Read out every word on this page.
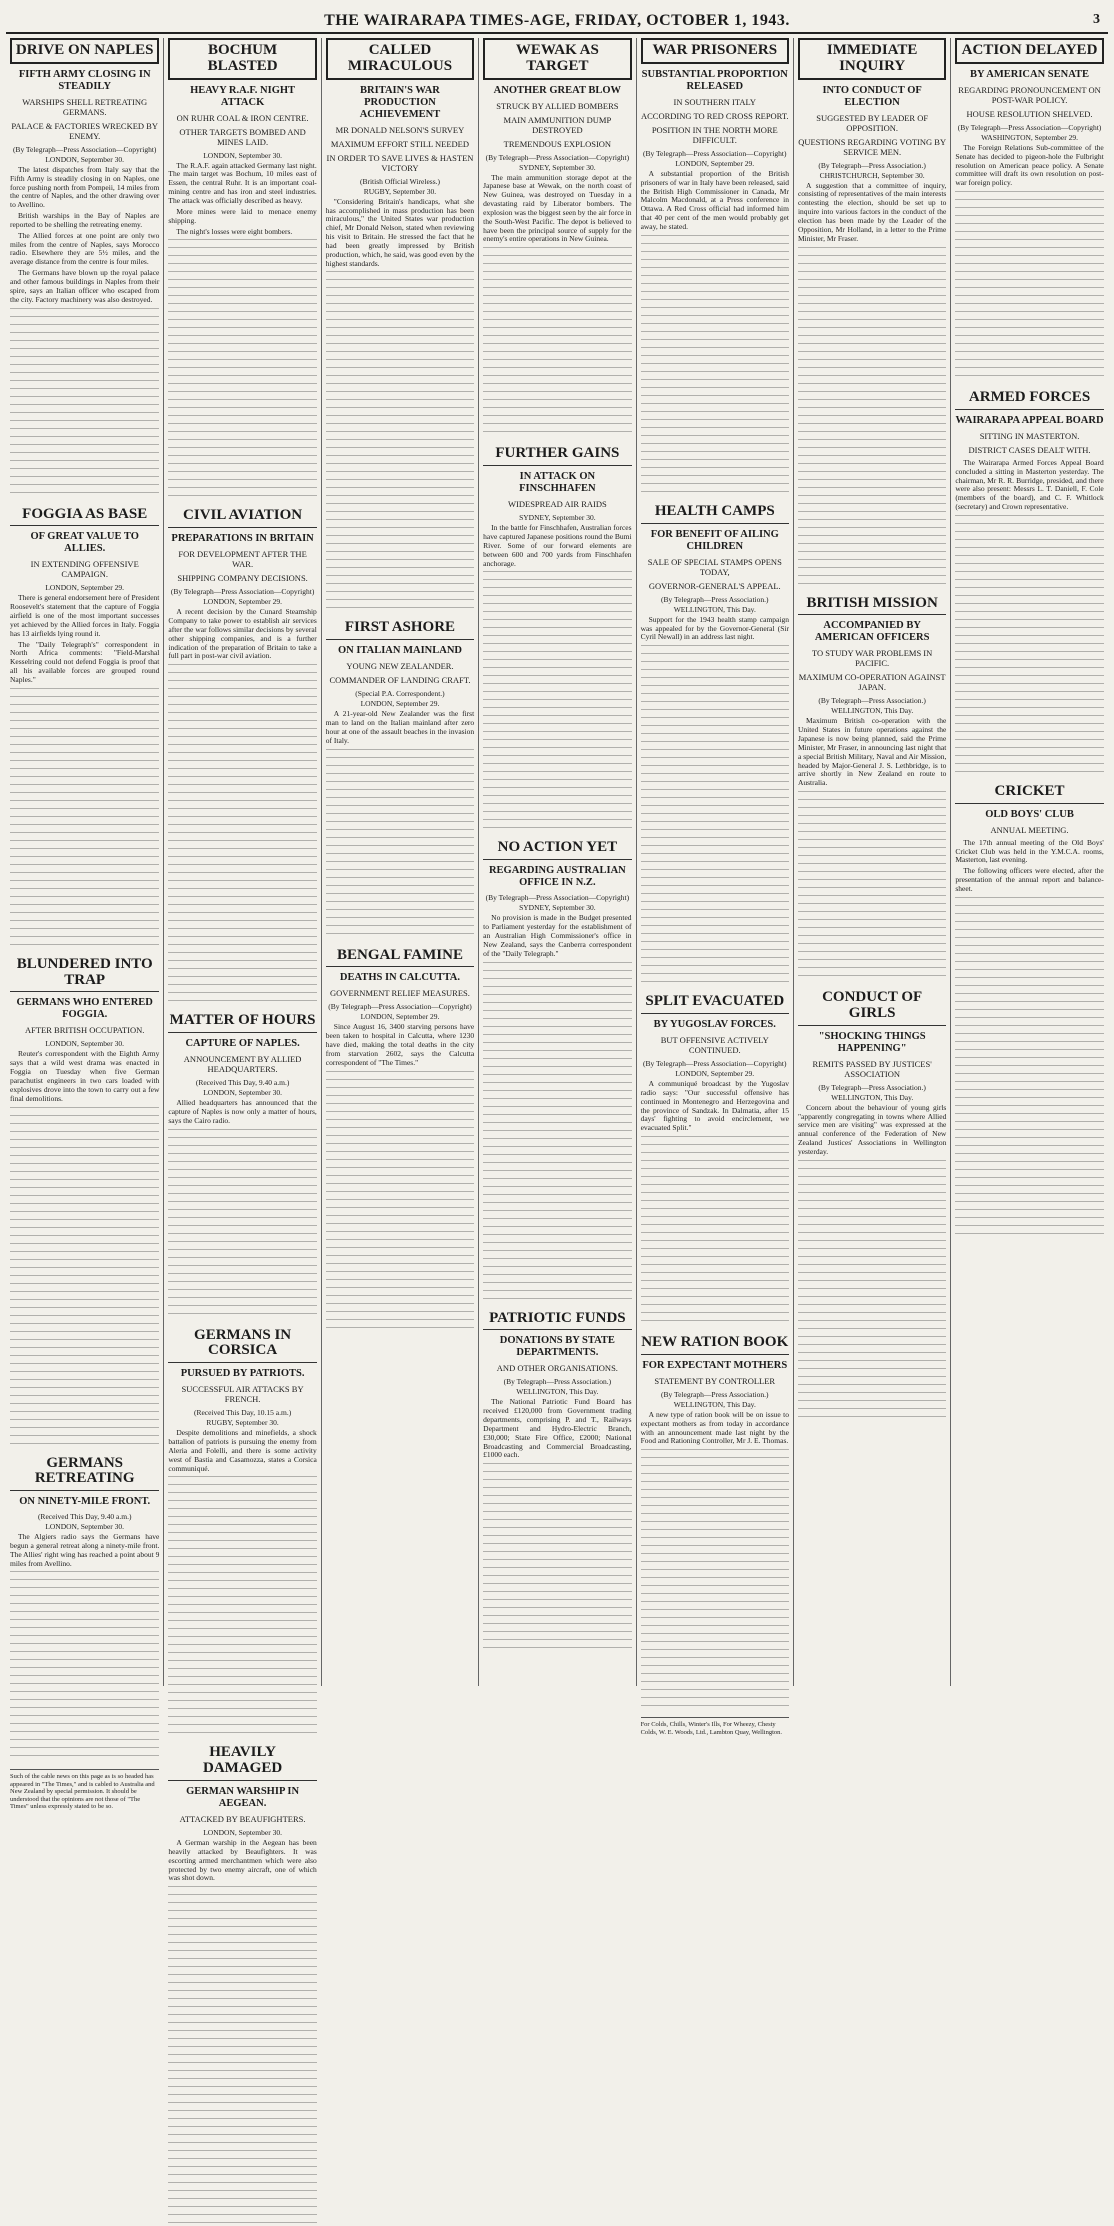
THE WAIRARAPA TIMES-AGE, FRIDAY, OCTOBER 1, 1943.	3
DRIVE ON NAPLES
FIFTH ARMY CLOSING IN STEADILY
WARSHIPS SHELL RETREATING GERMANS.
PALACE & FACTORIES WRECKED BY ENEMY.
(By Telegraph—Press Association—Copyright)
LONDON, September 30.

The latest dispatches from Italy say that the Fifth Army is steadily closing in on Naples, one force pushing north from Pompeii, 14 miles from the centre of Naples, and the other drawing over to Avellino.

British warships in the Bay of Naples are reported to be shelling the retreating enemy.

The Allied forces at one point are only two miles from the centre of Naples, says Morocco radio. Elsewhere they are 5½ miles, and the average distance from the centre is four miles.

The Germans have blown up the royal palace and other famous buildings in Naples from their spire, says an Italian officer who escaped from the city. Factory machinery was also destroyed.

FOGGIA AS BASE
OF GREAT VALUE TO ALLIES.
IN EXTENDING OFFENSIVE CAMPAIGN.
LONDON, September 29.

There is general endorsement here of President Roosevelt's statement that the capture of Foggia airfield is one of the most important successes yet achieved by the Allied forces in Italy. Foggia has 13 airfields lying round it.

The "Daily Telegraph's" correspondent in North Africa comments: "Field-Marshal Kesselring could not defend Foggia is proof that all his available forces are grouped round Naples."

BLUNDERED INTO TRAP
GERMANS WHO ENTERED FOGGIA.
AFTER BRITISH OCCUPATION.
LONDON, September 30.

Reuter's correspondent with the Eighth Army says that a wild west drama was enacted in Foggia on Tuesday when five German parachutist engineers in two cars loaded with explosives drove into the town to carry out a few final demolitions.

GERMANS RETREATING
ON NINETY-MILE FRONT.
(Received This Day, 9.40 a.m.)
LONDON, September 30.

The Algiers radio says the Germans have begun a general retreat along a ninety-mile front. The Allies' right wing has reached a point about 9 miles from Avellino.

Such of the cable news on this page as is so headed has appeared in "The Times," and is cabled to Australia and New Zealand by special permission. It should be understood that the opinions are not those of "The Times" unless expressly stated to be so.
BOCHUM BLASTED
HEAVY R.A.F. NIGHT ATTACK
ON RUHR COAL & IRON CENTRE.
OTHER TARGETS BOMBED AND MINES LAID.
LONDON, September 30.

The R.A.F. again attacked Germany last night. The main target was Bochum, 10 miles east of Essen, the central Ruhr. It is an important coal-mining centre and has iron and steel industries. The attack was officially described as heavy.

More mines were laid to menace enemy shipping.

The night's losses were eight bombers.

CIVIL AVIATION
PREPARATIONS IN BRITAIN
FOR DEVELOPMENT AFTER THE WAR.
SHIPPING COMPANY DECISIONS.
(By Telegraph—Press Association—Copyright)
LONDON, September 29.

A recent decision by the Cunard Steamship Company to take power to establish air services after the war follows similar decisions by several other shipping companies, and is a further indication of the preparation of Britain to take a full part in post-war civil aviation.

MATTER OF HOURS
CAPTURE OF NAPLES.
ANNOUNCEMENT BY ALLIED HEADQUARTERS.
(Received This Day, 9.40 a.m.)
LONDON, September 30.

Allied headquarters has announced that the capture of Naples is now only a matter of hours, says the Cairo radio.

GERMANS IN CORSICA
PURSUED BY PATRIOTS.
SUCCESSFUL AIR ATTACKS BY FRENCH.
(Received This Day, 10.15 a.m.)
RUGBY, September 30.

Despite demolitions and minefields, a shock battalion of patriots is pursuing the enemy from Aleria and Folelli, and there is some activity west of Bastia and Casamozza, states a Corsica communiqué.

HEAVILY DAMAGED
GERMAN WARSHIP IN AEGEAN.
ATTACKED BY BEAUFIGHTERS.
LONDON, September 30.

A German warship in the Aegean has been heavily attacked by Beaufighters. It was escorting armed merchantmen which were also protected by two enemy aircraft, one of which was shot down.

CALLED MIRACULOUS
BRITAIN'S WAR PRODUCTION ACHIEVEMENT
MR DONALD NELSON'S SURVEY
MAXIMUM EFFORT STILL NEEDED
IN ORDER TO SAVE LIVES & HASTEN VICTORY
(British Official Wireless.)
RUGBY, September 30.

"Considering Britain's handicaps, what she has accomplished in mass production has been miraculous," the United States war production chief, Mr Donald Nelson, stated when reviewing his visit to Britain. He stressed the fact that he had been greatly impressed by British production, which, he said, was good even by the highest standards.

FIRST ASHORE
ON ITALIAN MAINLAND
YOUNG NEW ZEALANDER.
COMMANDER OF LANDING CRAFT.
(Special P.A. Correspondent.)
LONDON, September 29.

A 21-year-old New Zealander was the first man to land on the Italian mainland after zero hour at one of the assault beaches in the invasion of Italy.

BENGAL FAMINE
DEATHS IN CALCUTTA.
GOVERNMENT RELIEF MEASURES.
(By Telegraph—Press Association—Copyright)
LONDON, September 29.

Since August 16, 3400 starving persons have been taken to hospital in Calcutta, where 1230 have died, making the total deaths in the city from starvation 2602, says the Calcutta correspondent of "The Times."

WEWAK AS TARGET
ANOTHER GREAT BLOW
STRUCK BY ALLIED BOMBERS
MAIN AMMUNITION DUMP DESTROYED
TREMENDOUS EXPLOSION
(By Telegraph—Press Association—Copyright)
SYDNEY, September 30.

The main ammunition storage depot at the Japanese base at Wewak, on the north coast of New Guinea, was destroyed on Tuesday in a devastating raid by Liberator bombers. The explosion was the biggest seen by the air force in the South-West Pacific. The depot is believed to have been the principal source of supply for the enemy's entire operations in New Guinea.

FURTHER GAINS
IN ATTACK ON FINSCHHAFEN
WIDESPREAD AIR RAIDS
SYDNEY, September 30.

In the battle for Finschhafen, Australian forces have captured Japanese positions round the Bumi River. Some of our forward elements are between 600 and 700 yards from Finschhafen anchorage.

NO ACTION YET
REGARDING AUSTRALIAN OFFICE IN N.Z.
(By Telegraph—Press Association—Copyright)
SYDNEY, September 30.

No provision is made in the Budget presented to Parliament yesterday for the establishment of an Australian High Commissioner's office in New Zealand, says the Canberra correspondent of the "Daily Telegraph."

PATRIOTIC FUNDS
DONATIONS BY STATE DEPARTMENTS.
AND OTHER ORGANISATIONS.
(By Telegraph—Press Association.)
WELLINGTON, This Day.

The National Patriotic Fund Board has received £120,000 from Government trading departments, comprising P. and T., Railways Department and Hydro-Electric Branch, £30,000; State Fire Office, £2000; National Broadcasting and Commercial Broadcasting, £1000 each.

WAR PRISONERS
SUBSTANTIAL PROPORTION RELEASED
IN SOUTHERN ITALY
ACCORDING TO RED CROSS REPORT.
POSITION IN THE NORTH MORE DIFFICULT.
(By Telegraph—Press Association—Copyright)
LONDON, September 29.

A substantial proportion of the British prisoners of war in Italy have been released, said the British High Commissioner in Canada, Mr Malcolm Macdonald, at a Press conference in Ottawa. A Red Cross official had informed him that 40 per cent of the men would probably get away, he stated.

HEALTH CAMPS
FOR BENEFIT OF AILING CHILDREN
SALE OF SPECIAL STAMPS OPENS TODAY,
GOVERNOR-GENERAL'S APPEAL.
(By Telegraph—Press Association.)
WELLINGTON, This Day.

Support for the 1943 health stamp campaign was appealed for by the Governor-General (Sir Cyril Newall) in an address last night.

SPLIT EVACUATED
BY YUGOSLAV FORCES.
BUT OFFENSIVE ACTIVELY CONTINUED.
(By Telegraph—Press Association—Copyright)
LONDON, September 29.

A communiqué broadcast by the Yugoslav radio says: "Our successful offensive has continued in Montenegro and Herzegovina and the province of Sandzak. In Dalmatia, after 15 days' fighting to avoid encirclement, we evacuated Split."

NEW RATION BOOK
FOR EXPECTANT MOTHERS
STATEMENT BY CONTROLLER
(By Telegraph—Press Association.)
WELLINGTON, This Day.

A new type of ration book will be on issue to expectant mothers as from today in accordance with an announcement made last night by the Food and Rationing Controller, Mr J. E. Thomas.

For Colds, Chills, Winter's Ills, For Wheezy, Chesty Colds, W. E. Woods, Ltd., Lambton Quay, Wellington.
IMMEDIATE INQUIRY
INTO CONDUCT OF ELECTION
SUGGESTED BY LEADER OF OPPOSITION.
QUESTIONS REGARDING VOTING BY SERVICE MEN.
(By Telegraph—Press Association.)
CHRISTCHURCH, September 30.

A suggestion that a committee of inquiry, consisting of representatives of the main interests contesting the election, should be set up to inquire into various factors in the conduct of the election has been made by the Leader of the Opposition, Mr Holland, in a letter to the Prime Minister, Mr Fraser.

BRITISH MISSION
ACCOMPANIED BY AMERICAN OFFICERS
TO STUDY WAR PROBLEMS IN PACIFIC.
MAXIMUM CO-OPERATION AGAINST JAPAN.
(By Telegraph—Press Association.)
WELLINGTON, This Day.

Maximum British co-operation with the United States in future operations against the Japanese is now being planned, said the Prime Minister, Mr Fraser, in announcing last night that a special British Military, Naval and Air Mission, headed by Major-General J. S. Lethbridge, is to arrive shortly in New Zealand en route to Australia.

CONDUCT OF GIRLS
"SHOCKING THINGS HAPPENING"
REMITS PASSED BY JUSTICES' ASSOCIATION
(By Telegraph—Press Association.)
WELLINGTON, This Day.

Concern about the behaviour of young girls "apparently congregating in towns where Allied service men are visiting" was expressed at the annual conference of the Federation of New Zealand Justices' Associations in Wellington yesterday.

ACTION DELAYED
BY AMERICAN SENATE
REGARDING PRONOUNCEMENT ON POST-WAR POLICY.
HOUSE RESOLUTION SHELVED.
(By Telegraph—Press Association—Copyright)
WASHINGTON, September 29.

The Foreign Relations Sub-committee of the Senate has decided to pigeon-hole the Fulbright resolution on American peace policy. A Senate committee will draft its own resolution on post-war foreign policy.

ARMED FORCES
WAIRARAPA APPEAL BOARD
SITTING IN MASTERTON.
DISTRICT CASES DEALT WITH.

The Wairarapa Armed Forces Appeal Board concluded a sitting in Masterton yesterday. The chairman, Mr R. R. Burridge, presided, and there were also present: Messrs L. T. Daniell, F. Cole (members of the board), and C. F. Whitlock (secretary) and Crown representative.

CRICKET
OLD BOYS' CLUB
ANNUAL MEETING.

The 17th annual meeting of the Old Boys' Cricket Club was held in the Y.M.C.A. rooms, Masterton, last evening.

The following officers were elected, after the presentation of the annual report and balance-sheet.
